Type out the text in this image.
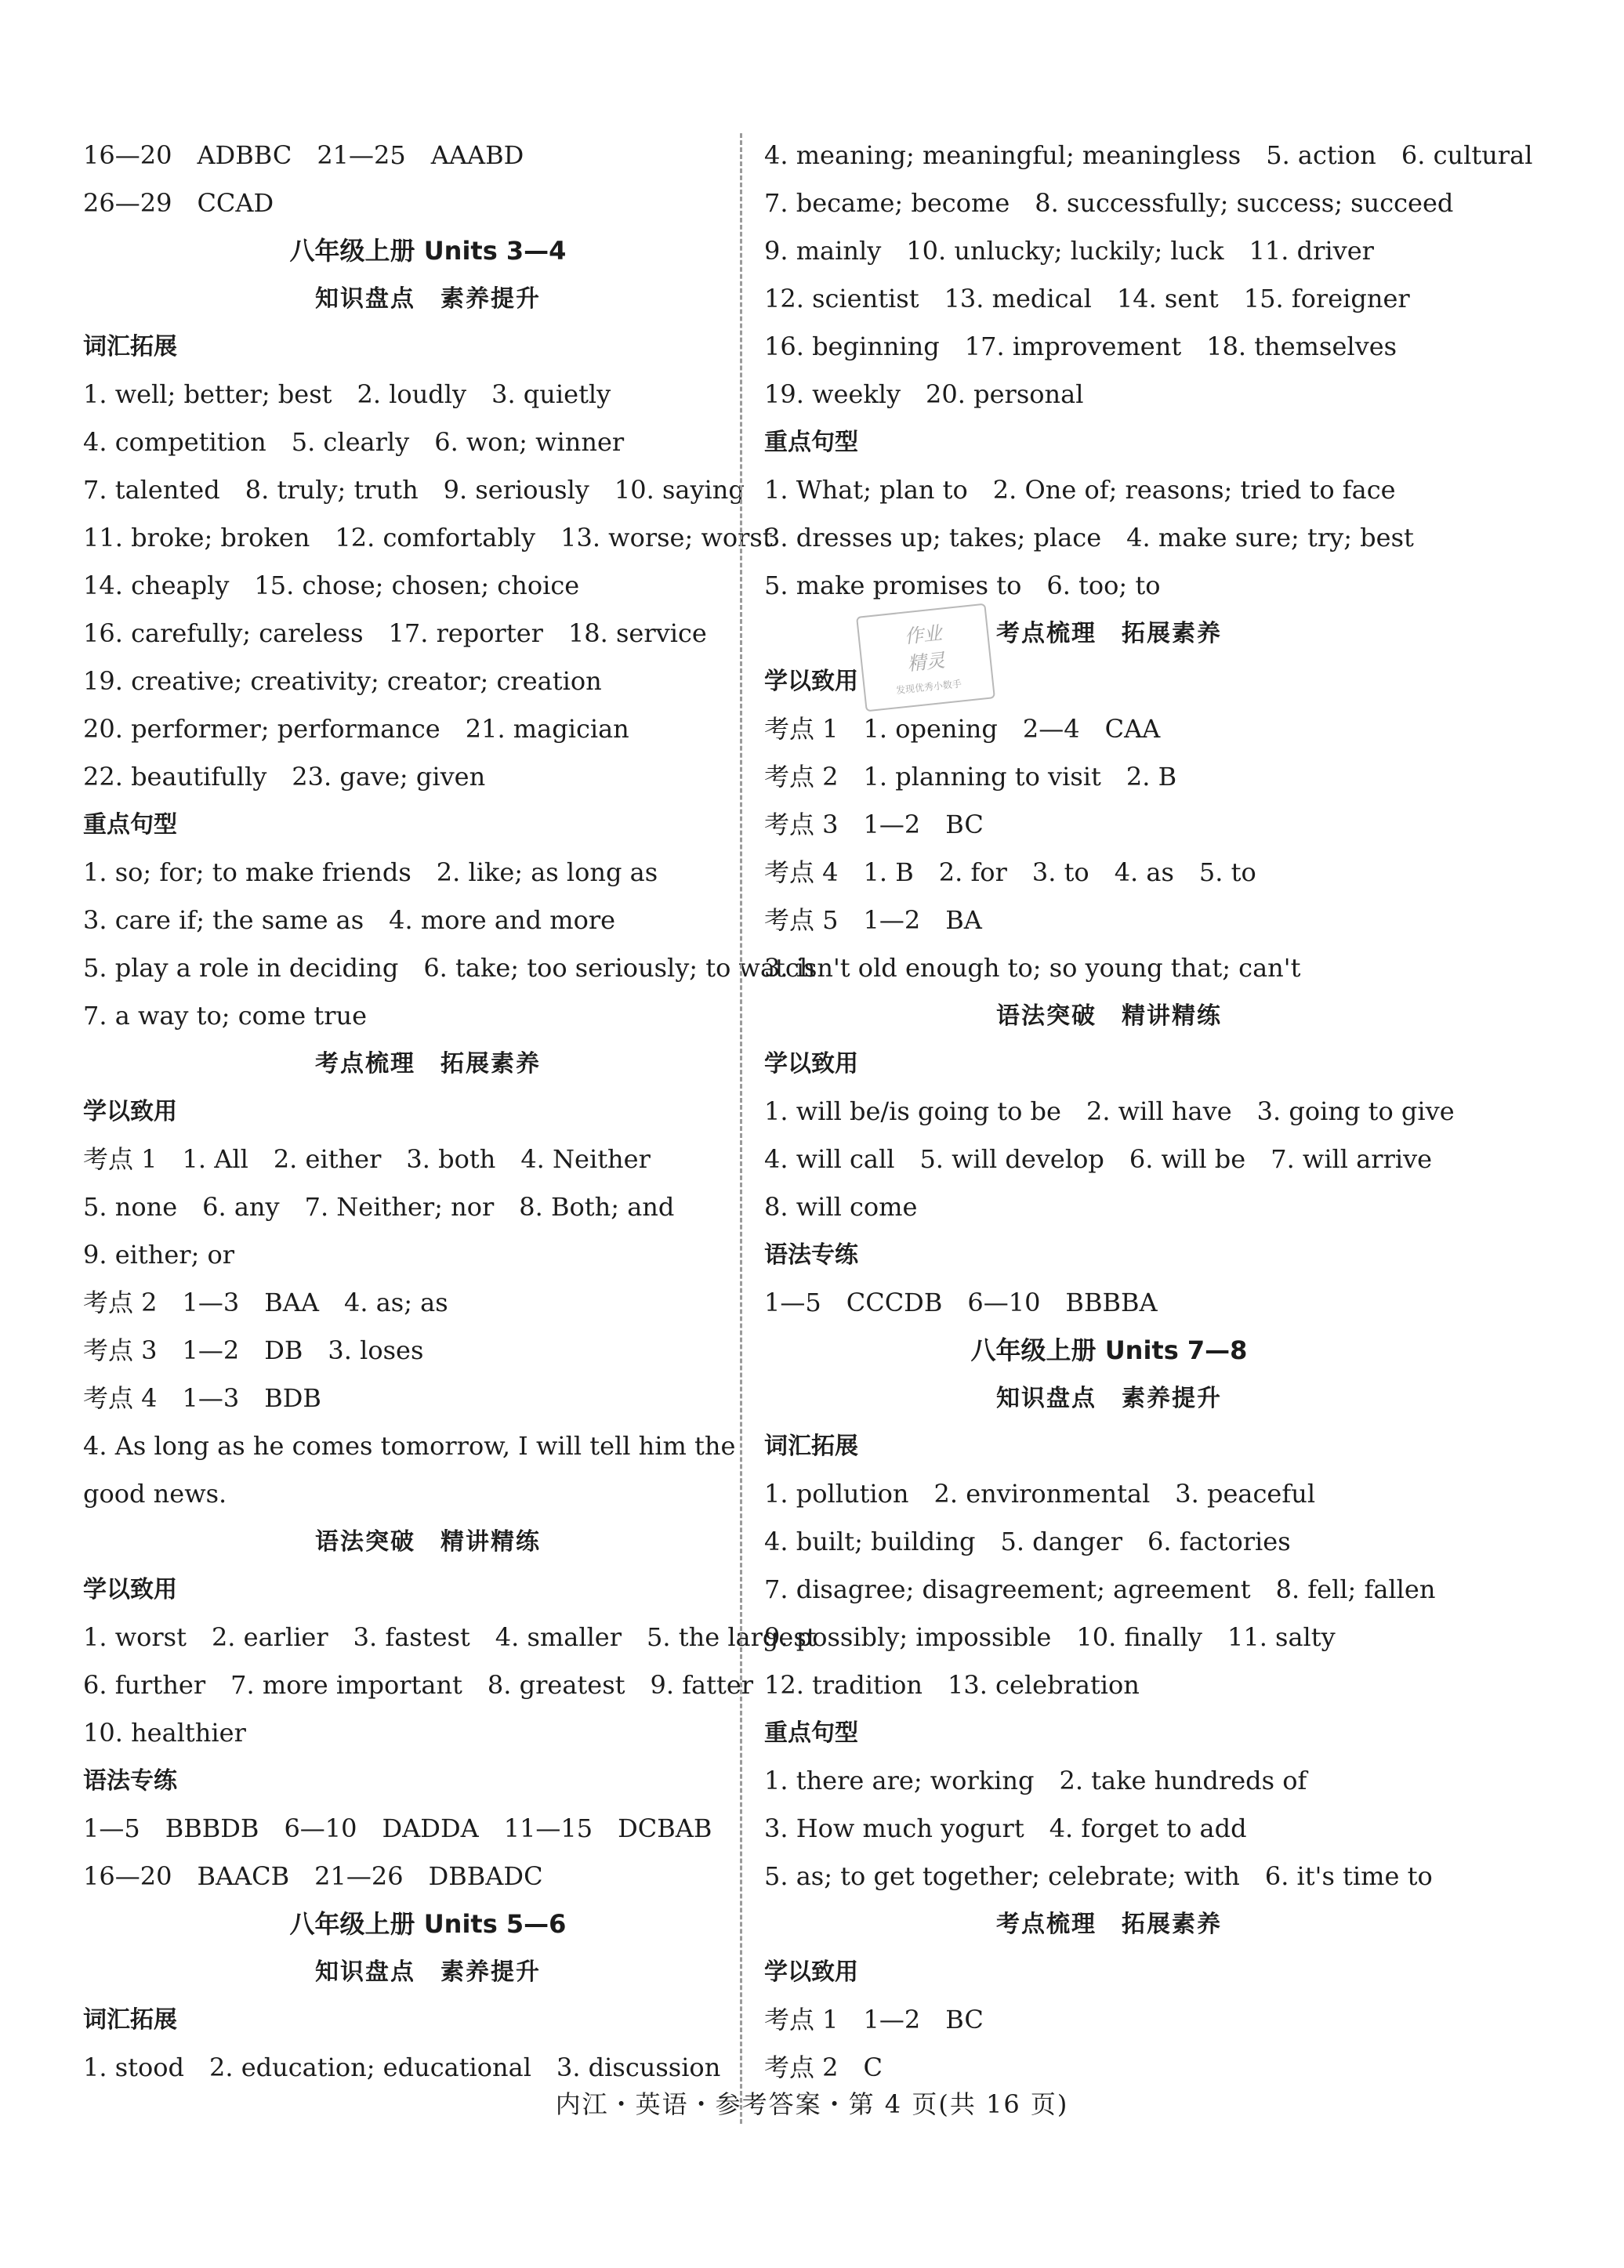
16—20　ADBBC　21—25　AAABD
26—29　CCAD
八年级上册 Units 3—4
知识盘点　素养提升
词汇拓展
1. well; better; best　2. loudly　3. quietly
4. competition　5. clearly　6. won; winner
7. talented　8. truly; truth　9. seriously　10. saying
11. broke; broken　12. comfortably　13. worse; worst
14. cheaply　15. chose; chosen; choice
16. carefully; careless　17. reporter　18. service
19. creative; creativity; creator; creation
20. performer; performance　21. magician
22. beautifully　23. gave; given
重点句型
1. so; for; to make friends　2. like; as long as
3. care if; the same as　4. more and more
5. play a role in deciding　6. take; too seriously; to watch
7. a way to; come true
考点梳理　拓展素养
学以致用
考点 1　1. All　2. either　3. both　4. Neither
5. none　6. any　7. Neither; nor　8. Both; and
9. either; or
考点 2　1—3　BAA　4. as; as
考点 3　1—2　DB　3. loses
考点 4　1—3　BDB
4. As long as he comes tomorrow, I will tell him the
good news.
语法突破　精讲精练
学以致用
1. worst　2. earlier　3. fastest　4. smaller　5. the largest
6. further　7. more important　8. greatest　9. fatter
10. healthier
语法专练
1—5　BBBDB　6—10　DADDA　11—15　DCBAB
16—20　BAACB　21—26　DBBADC
八年级上册 Units 5—6
知识盘点　素养提升
词汇拓展
1. stood　2. education; educational　3. discussion
4. meaning; meaningful; meaningless　5. action　6. cultural
7. became; become　8. successfully; success; succeed
9. mainly　10. unlucky; luckily; luck　11. driver
12. scientist　13. medical　14. sent　15. foreigner
16. beginning　17. improvement　18. themselves
19. weekly　20. personal
重点句型
1. What; plan to　2. One of; reasons; tried to face
3. dresses up; takes; place　4. make sure; try; best
5. make promises to　6. too; to
考点梳理　拓展素养
学以致用
考点 1　1. opening　2—4　CAA
考点 2　1. planning to visit　2. B
考点 3　1—2　BC
考点 4　1. B　2. for　3. to　4. as　5. to
考点 5　1—2　BA
3. isn't old enough to; so young that; can't
语法突破　精讲精练
学以致用
1. will be/is going to be　2. will have　3. going to give
4. will call　5. will develop　6. will be　7. will arrive
8. will come
语法专练
1—5　CCCDB　6—10　BBBBA
八年级上册 Units 7—8
知识盘点　素养提升
词汇拓展
1. pollution　2. environmental　3. peaceful
4. built; building　5. danger　6. factories
7. disagree; disagreement; agreement　8. fell; fallen
9. possibly; impossible　10. finally　11. salty
12. tradition　13. celebration
重点句型
1. there are; working　2. take hundreds of
3. How much yogurt　4. forget to add
5. as; to get together; celebrate; with　6. it's time to
考点梳理　拓展素养
学以致用
考点 1　1—2　BC
考点 2　C
作业
精灵
发现优秀小数手
内江・英语・参考答案・第 4 页(共 16 页)
